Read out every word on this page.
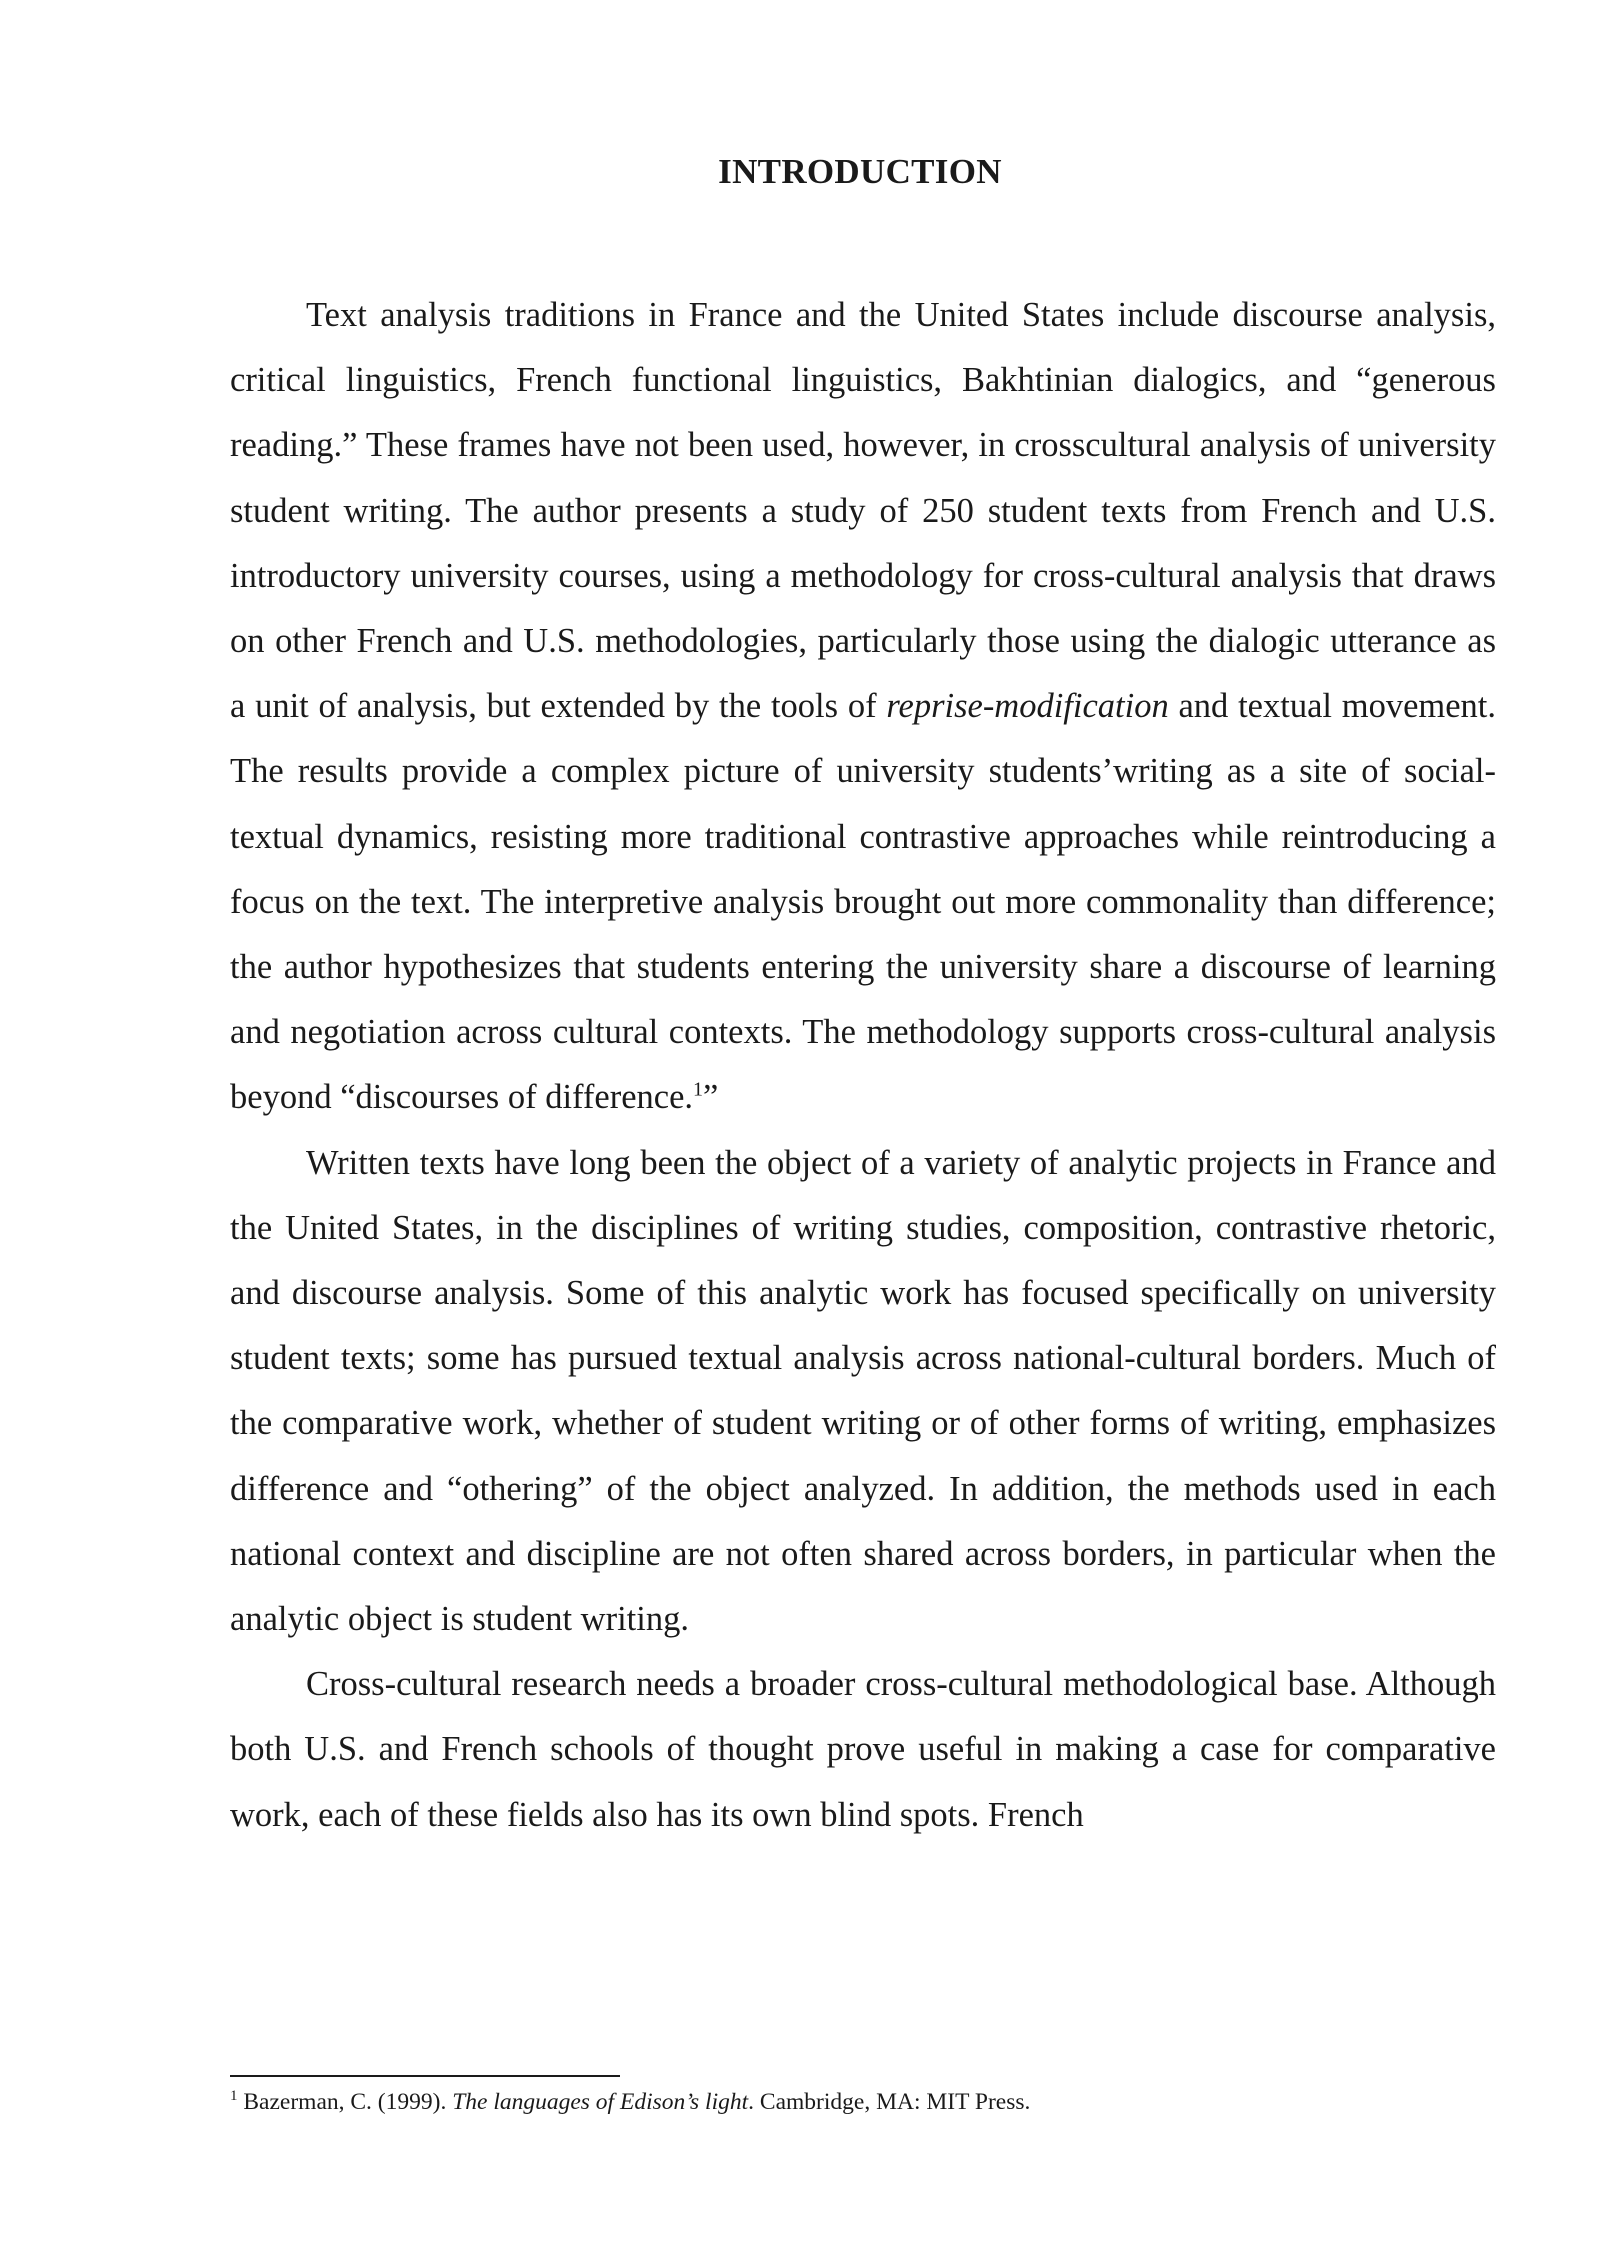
INTRODUCTION

Text analysis traditions in France and the United States include discourse analysis, critical linguistics, French functional linguistics, Bakhtinian dialogics, and “generous reading.” These frames have not been used, however, in crosscultural analysis of university student writing. The author presents a study of 250 student texts from French and U.S. introductory university courses, using a methodology for cross-cultural analysis that draws on other French and U.S. methodologies, particularly those using the dialogic utterance as a unit of analysis, but extended by the tools of reprise-modification and textual movement. The results provide a complex picture of university students’writing as a site of social-textual dynamics, resisting more traditional contrastive approaches while reintroducing a focus on the text. The interpretive analysis brought out more commonality than difference; the author hypothesizes that students entering the university share a discourse of learning and negotiation across cultural contexts. The methodology supports cross-cultural analysis beyond “discourses of difference.$^1$”

Written texts have long been the object of a variety of analytic projects in France and the United States, in the disciplines of writing studies, composition, contrastive rhetoric, and discourse analysis. Some of this analytic work has focused specifically on university student texts; some has pursued textual analysis across national-cultural borders. Much of the comparative work, whether of student writing or of other forms of writing, emphasizes difference and “othering” of the object analyzed. In addition, the methods used in each national context and discipline are not often shared across borders, in particular when the analytic object is student writing.

Cross-cultural research needs a broader cross-cultural methodological base. Although both U.S. and French schools of thought prove useful in making a case for comparative work, each of these fields also has its own blind spots. French

$^1$ Bazerman, C. (1999). The languages of Edison’s light. Cambridge, MA: MIT Press.
